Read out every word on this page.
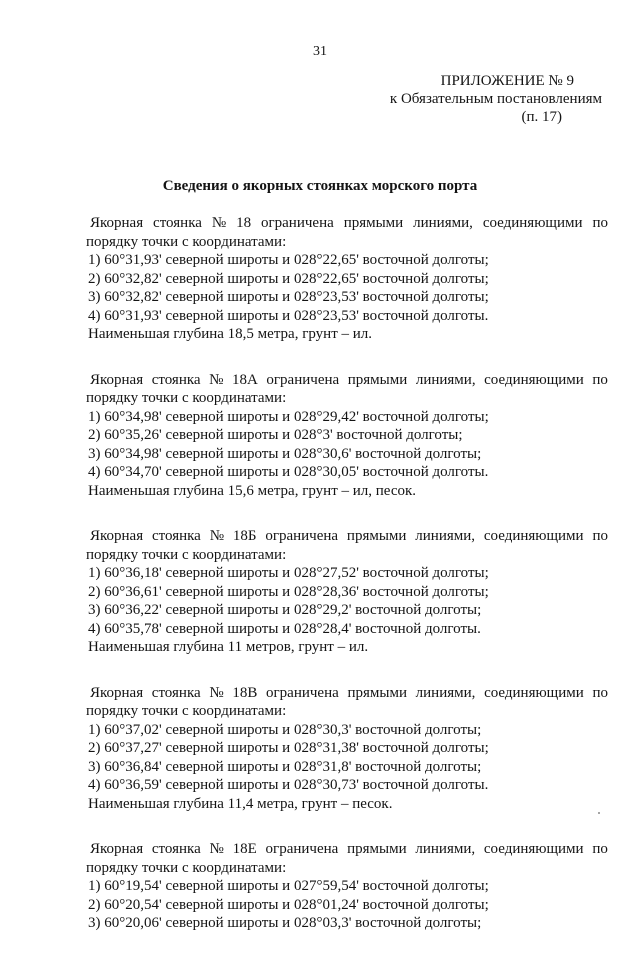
31
ПРИЛОЖЕНИЕ № 9
к Обязательным постановлениям
(п. 17)
Сведения о якорных стоянках морского порта
Якорная стоянка № 18 ограничена прямыми линиями, соединяющими по
порядку точки с координатами:
1) 60°31,93' северной широты и 028°22,65' восточной долготы;
2) 60°32,82' северной широты и 028°22,65' восточной долготы;
3) 60°32,82' северной широты и 028°23,53' восточной долготы;
4) 60°31,93' северной широты и 028°23,53' восточной долготы.
Наименьшая глубина 18,5 метра, грунт – ил.
Якорная стоянка № 18А ограничена прямыми линиями, соединяющими по
порядку точки с координатами:
1) 60°34,98' северной широты и 028°29,42' восточной долготы;
2) 60°35,26' северной широты и 028°3' восточной долготы;
3) 60°34,98' северной широты и 028°30,6' восточной долготы;
4) 60°34,70' северной широты и 028°30,05' восточной долготы.
Наименьшая глубина 15,6 метра, грунт – ил, песок.
Якорная стоянка № 18Б ограничена прямыми линиями, соединяющими по
порядку точки с координатами:
1) 60°36,18' северной широты и 028°27,52' восточной долготы;
2) 60°36,61' северной широты и 028°28,36' восточной долготы;
3) 60°36,22' северной широты и 028°29,2' восточной долготы;
4) 60°35,78' северной широты и 028°28,4' восточной долготы.
Наименьшая глубина 11 метров, грунт – ил.
Якорная стоянка № 18В ограничена прямыми линиями, соединяющими по
порядку точки с координатами:
1) 60°37,02' северной широты и 028°30,3' восточной долготы;
2) 60°37,27' северной широты и 028°31,38' восточной долготы;
3) 60°36,84' северной широты и 028°31,8' восточной долготы;
4) 60°36,59' северной широты и 028°30,73' восточной долготы.
Наименьшая глубина 11,4 метра, грунт – песок.
Якорная стоянка № 18Е ограничена прямыми линиями, соединяющими по
порядку точки с координатами:
1) 60°19,54' северной широты и 027°59,54' восточной долготы;
2) 60°20,54' северной широты и 028°01,24' восточной долготы;
3) 60°20,06' северной широты и 028°03,3' восточной долготы;
